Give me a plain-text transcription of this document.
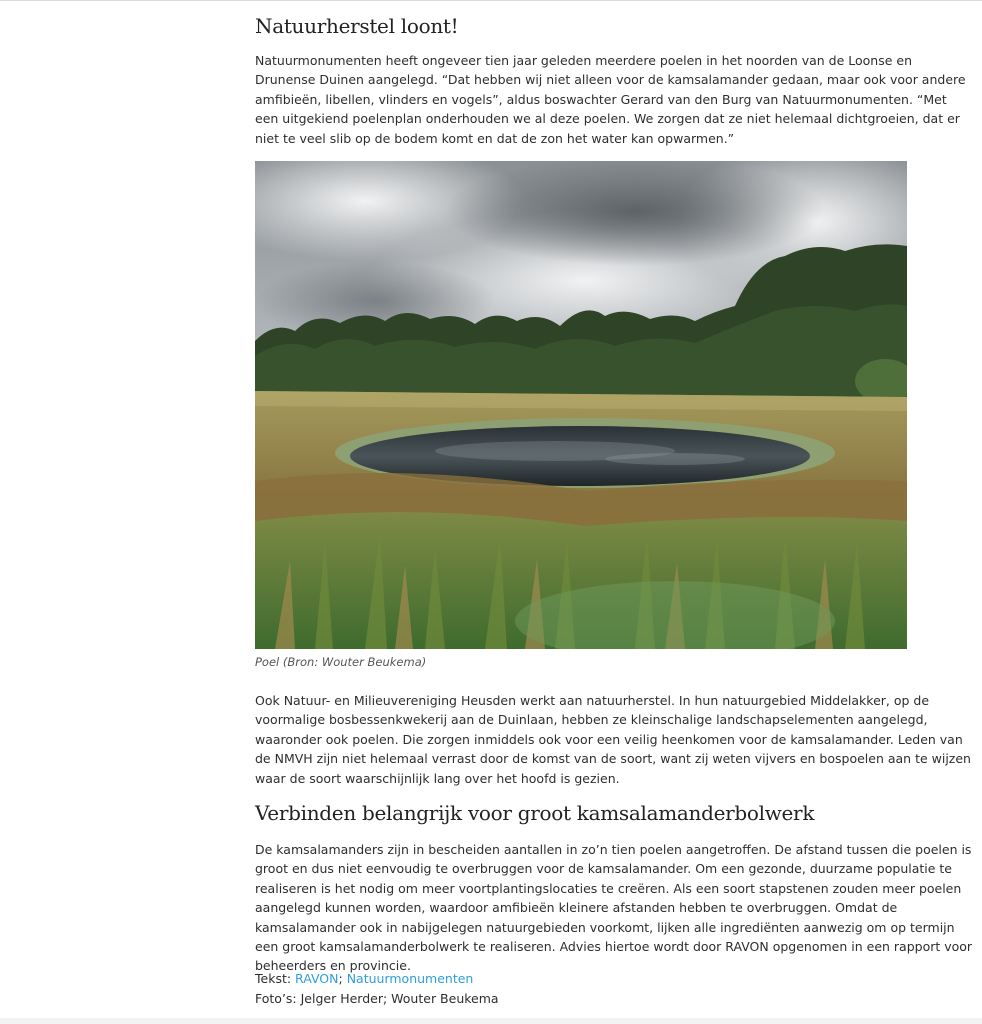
Natuurherstel loont!

Natuurmonumenten heeft ongeveer tien jaar geleden meerdere poelen in het noorden van de Loonse en Drunense Duinen aangelegd. “Dat hebben wij niet alleen voor de kamsalamander gedaan, maar ook voor andere amfibieën, libellen, vlinders en vogels”, aldus boswachter Gerard van den Burg van Natuurmonumenten. “Met een uitgekiend poelenplan onderhouden we al deze poelen. We zorgen dat ze niet helemaal dichtgroeien, dat er niet te veel slib op de bodem komt en dat de zon het water kan opwarmen.”

Poel (Bron: Wouter Beukema)

Ook Natuur- en Milieuvereniging Heusden werkt aan natuurherstel. In hun natuurgebied Middelakker, op de voormalige bosbessenkwekerij aan de Duinlaan, hebben ze kleinschalige landschapselementen aangelegd, waaronder ook poelen. Die zorgen inmiddels ook voor een veilig heenkomen voor de kamsalamander. Leden van de NMVH zijn niet helemaal verrast door de komst van de soort, want zij weten vijvers en bospoelen aan te wijzen waar de soort waarschijnlijk lang over het hoofd is gezien.

Verbinden belangrijk voor groot kamsalamanderbolwerk

De kamsalamanders zijn in bescheiden aantallen in zo’n tien poelen aangetroffen. De afstand tussen die poelen is groot en dus niet eenvoudig te overbruggen voor de kamsalamander. Om een gezonde, duurzame populatie te realiseren is het nodig om meer voortplantingslocaties te creëren. Als een soort stapstenen zouden meer poelen aangelegd kunnen worden, waardoor amfibieën kleinere afstanden hebben te overbruggen. Omdat de kamsalamander ook in nabijgelegen natuurgebieden voorkomt, lijken alle ingrediënten aanwezig om op termijn een groot kamsalamanderbolwerk te realiseren. Advies hiertoe wordt door RAVON opgenomen in een rapport voor beheerders en provincie.

Tekst: RAVON; Natuurmonumenten
Foto’s: Jelger Herder; Wouter Beukema
